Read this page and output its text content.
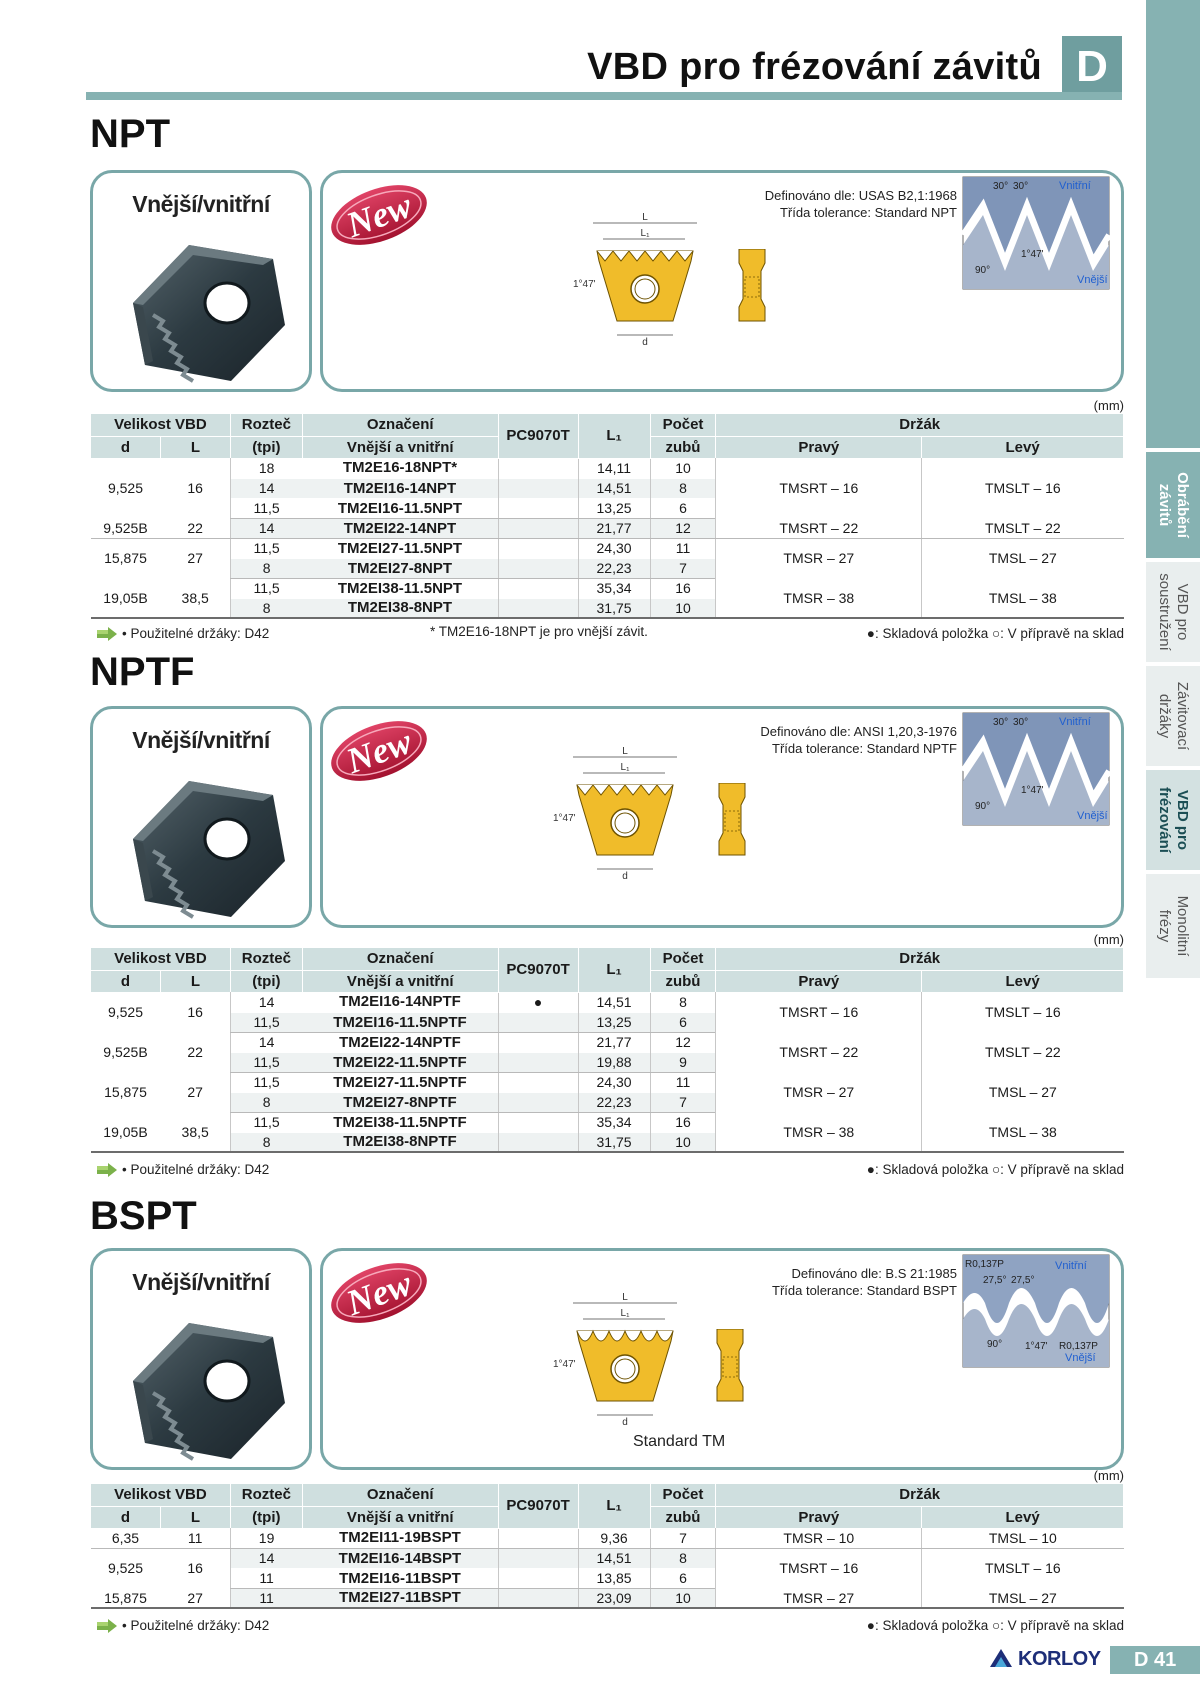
VBD pro frézování závitů D
Obrábění
závitů
VBD pro
soustružení
Závitovací
držáky
VBD pro
frézování
Monolitní
frézy
NPT
Vnější/vnitřní
L
L₁
d
1°47'
Definováno dle: USAS B2,1:1968
Třída tolerance: Standard NPT
30° 30°	Vnitřní
Vnější
90°
1°47'
(mm)
Velikost VBD		Rozteč	Označení	PC9070T	L₁	Počet	Držák	
d	L	(tpi)	Vnější a vnitřní			zubů	Pravý	Levý
9,525	16	18	TM2E16-18NPT*		14,11	10	TMSRT – 16	TMSLT – 16
		14	TM2EI16-14NPT		14,51	8		
		11,5	TM2EI16-11.5NPT		13,25	6		
9,525B	22	14	TM2EI22-14NPT		21,77	12	TMSRT – 22	TMSLT – 22
15,875	27	11,5	TM2EI27-11.5NPT		24,30	11	TMSR – 27	TMSL – 27
		8	TM2EI27-8NPT		22,23	7		
19,05B	38,5	11,5	TM2EI38-11.5NPT		35,34	16	TMSR – 38	TMSL – 38
		8	TM2EI38-8NPT		31,75	10		
• Použitelné držáky: D42	* TM2E16-18NPT je pro vnější závit.	●: Skladová položka ○: V přípravě na sklad
NPTF
Vnější/vnitřní	L
L₁
d
1°47'
Definováno dle: ANSI 1,20,3-1976
Třída tolerance: Standard NPTF
30° 30°	Vnitřní
Vnější
90°
1°47'
(mm)
Velikost VBD		Rozteč	Označení	PC9070T	L₁	Počet	Držák	
d	L	(tpi)	Vnější a vnitřní			zubů	Pravý	Levý
9,525	16	14	TM2EI16-14NPTF	●	14,51	8	TMSRT – 16	TMSLT – 16
		11,5	TM2EI16-11.5NPTF		13,25	6		
9,525B	22	14	TM2EI22-14NPTF		21,77	12	TMSRT – 22	TMSLT – 22
		11,5	TM2EI22-11.5NPTF		19,88	9		
15,875	27	11,5	TM2EI27-11.5NPTF		24,30	11	TMSR – 27	TMSL – 27
		8	TM2EI27-8NPTF		22,23	7		
19,05B	38,5	11,5	TM2EI38-11.5NPTF		35,34	16	TMSR – 38	TMSL – 38
		8	TM2EI38-8NPTF		31,75	10		
• Použitelné držáky: D42	●: Skladová položka ○: V přípravě na sklad
BSPT
Vnější/vnitřní
L
L₁
d
1°47'
Standard TM
Definováno dle: B.S 21:1985
Třída tolerance: Standard BSPT
R0,137P	Vnitřní
27,5° 27,5°
90° 1°47' R0,137P
Vnější
(mm)
Velikost VBD		Rozteč	Označení	PC9070T	L₁	Počet	Držák	
d	L	(tpi)	Vnější a vnitřní			zubů	Pravý	Levý
6,35	11	19	TM2EI11-19BSPT		9,36	7	TMSR – 10	TMSL – 10
9,525	16	14	TM2EI16-14BSPT		14,51	8	TMSRT – 16	TMSLT – 16
		11	TM2EI16-11BSPT		13,85	6		
15,875	27	11	TM2EI27-11BSPT		23,09	10	TMSR – 27	TMSL – 27
• Použitelné držáky: D42	●: Skladová položka ○: V přípravě na sklad
KORLOY	D 41
